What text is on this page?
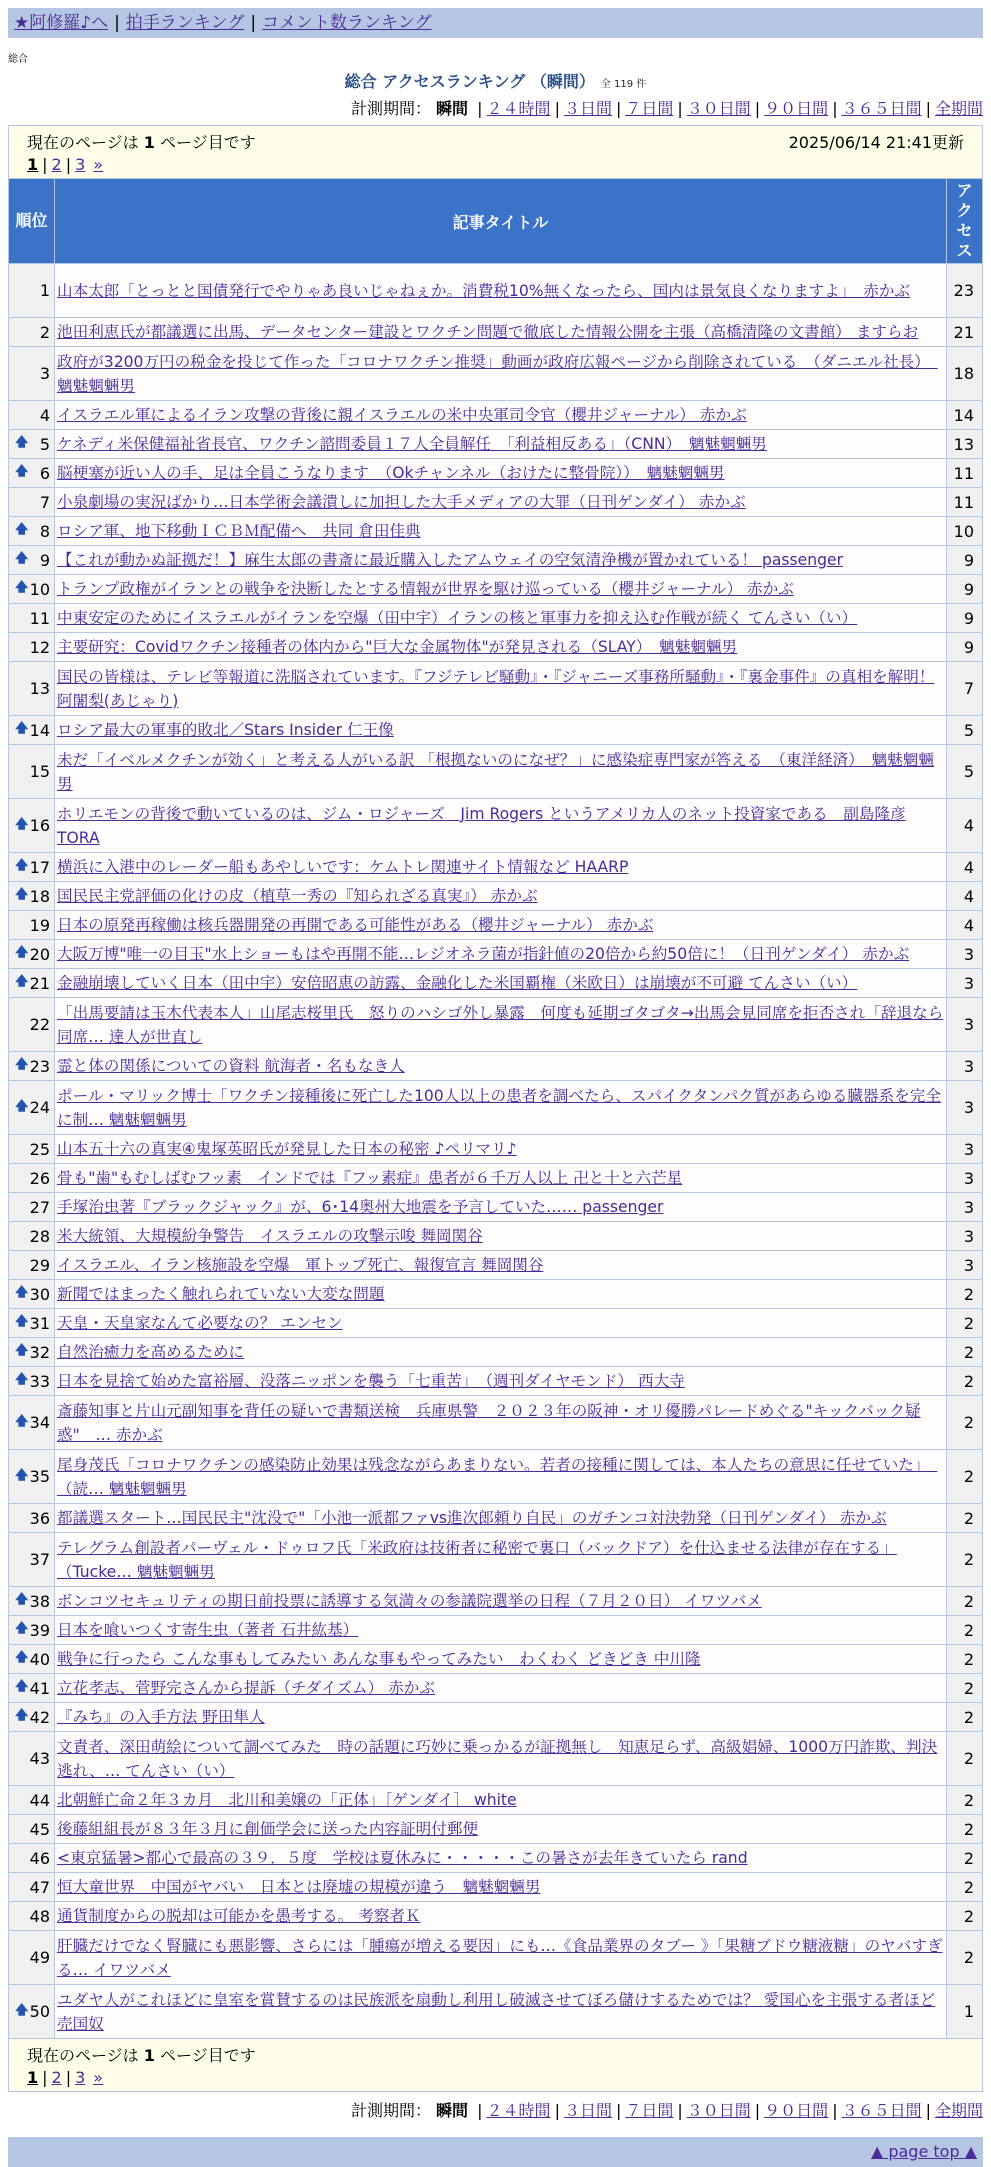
★阿修羅♪へ | 拍手ランキング | コメント数ランキング
総合
総合 アクセスランキング （瞬間） 全 119 件
計測期間： 瞬間 | ２４時間 | ３日間 | ７日間 | ３０日間 | ９０日間 | ３６５日間 | 全期間
現在のページは 1 ページ目です 2025/06/14 21:41更新
1 | 2 | 3 »		

順位	記事タイトル	アクセス
1	山本太郎「とっとと国債発行でやりゃあ良いじゃねぇか。消費税10%無くなったら、国内は景気良くなりますよ」　赤かぶ	23
2	池田利恵氏が都議選に出馬、データセンター建設とワクチン問題で徹底した情報公開を主張（高橋清隆の文書館） ますらお	21
3	政府が3200万円の税金を投じて作った「コロナワクチン推奨」動画が政府広報ページから削除されている　（ダニエル社長）　魑魅魍魎男	18
4	イスラエル軍によるイラン攻撃の背後に親イスラエルの米中央軍司令官（櫻井ジャーナル） 赤かぶ	14

🡅 5	ケネディ米保健福祉省長官、ワクチン諮問委員１７人全員解任　「利益相反ある」（CNN）　魑魅魍魎男	13

🡅 6	脳梗塞が近い人の手、足は全員こうなります　（Okチャンネル（おけたに整骨院））　魑魅魍魎男	11
7	小泉劇場の実況ばかり…日本学術会議潰しに加担した大手メディアの大罪（日刊ゲンダイ） 赤かぶ	11

🡅 8	ロシア軍、地下移動ＩＣＢＭ配備へ　共同 倉田佳典	10

🡅 9	【これが動かぬ証拠だ！】麻生太郎の書斎に最近購入したアムウェイの空気清浄機が置かれている！ passenger	9

🡅 10	トランプ政権がイランとの戦争を決断したとする情報が世界を駆け巡っている（櫻井ジャーナル） 赤かぶ	9
11	中東安定のためにイスラエルがイランを空爆（田中宇）イランの核と軍事力を抑え込む作戦が続く てんさい（い）	9
12	主要研究：Covidワクチン接種者の体内から"巨大な金属物体"が発見される（SLAY）　魑魅魍魎男	9
13	国民の皆様は、テレビ等報道に洗脳されています。『フジテレビ騒動』・『ジャニーズ事務所騒動』・『裏金事件』の真相を解明！ 阿闍梨(あじゃり)	7

🡅 14	ロシア最大の軍事的敗北／Stars Insider 仁王像	5
15	未だ「イベルメクチンが効く」と考える人がいる訳 「根拠ないのになぜ？」に感染症専門家が答える　（東洋経済）　魑魅魍魎男	5

🡅 16	ホリエモンの背後で動いているのは、ジム・ロジャーズ　Jim Rogers というアメリカ人のネット投資家である　副島隆彦 TORA	4

🡅 17	横浜に入港中のレーダー船もあやしいです：ケムトレ関連サイト情報など HAARP	4

🡅 18	国民民主党評価の化けの皮（植草一秀の『知られざる真実』） 赤かぶ	4
19	日本の原発再稼働は核兵器開発の再開である可能性がある（櫻井ジャーナル） 赤かぶ	4

🡅 20	大阪万博"唯一の目玉"水上ショーもはや再開不能…レジオネラ菌が指針値の20倍から約50倍に！（日刊ゲンダイ） 赤かぶ	3

🡅 21	金融崩壊していく日本（田中宇）安倍昭恵の訪露、金融化した米国覇権（米欧日）は崩壊が不可避 てんさい（い）	3
22	「出馬要請は玉木代表本人」山尾志桜里氏　怒りのハシゴ外し暴露　何度も延期ゴタゴタ→出馬会見同席を拒否され「辞退なら同席… 達人が世直し	3

🡅 23	霊と体の関係についての資料 航海者・名もなき人	3

🡅 24	ポール・マリック博士「ワクチン接種後に死亡した100人以上の患者を調べたら、スパイクタンパク質があらゆる臓器系を完全に制… 魑魅魍魎男	3
25	山本五十六の真実④鬼塚英昭氏が発見した日本の秘密 ♪ペリマリ♪	3
26	骨も"歯"もむしばむフッ素　インドでは『フッ素症』患者が６千万人以上 卍と十と六芒星	3
27	手塚治虫著『ブラックジャック』が、6･14奥州大地震を予言していた…… passenger	3
28	米大統領、大規模紛争警告　イスラエルの攻撃示唆 舞岡関谷	3
29	イスラエル、イラン核施設を空爆　軍トップ死亡、報復宣言 舞岡関谷	3

🡅 30	新聞ではまったく触れられていない大変な問題	2

🡅 31	天皇・天皇家なんて必要なの？ エンセン	2

🡅 32	自然治癒力を高めるために	2

🡅 33	日本を見捨て始めた富裕層、没落ニッポンを襲う「七重苦」　（週刊ダイヤモンド） 西大寺	2

🡅 34	斎藤知事と片山元副知事を背任の疑いで書類送検　兵庫県警　２０２３年の阪神・オリ優勝パレードめぐる"キックバック疑惑"　… 赤かぶ	2

🡅 35	尾身茂氏「コロナワクチンの感染防止効果は残念ながらあまりない。若者の接種に関しては、本人たちの意思に任せていた」　（読… 魑魅魍魎男	2
36	都議選スタート…国民民主"沈没で"「小池一派都ファvs進次郎頼り自民」のガチンコ対決勃発（日刊ゲンダイ） 赤かぶ	2
37	テレグラム創設者パーヴェル・ドゥロフ氏「米政府は技術者に秘密で裏口（バックドア）を仕込ませる法律が存在する」（Tucke… 魑魅魍魎男	2

🡅 38	ボンコツセキュリティの期日前投票に誘導する気満々の参議院選挙の日程（７月２０日） イワツバメ	2

🡅 39	日本を喰いつくす寄生虫（著者 石井紘基）	2

🡅 40	戦争に行ったら こんな事もしてみたい あんな事もやってみたい　わくわく どきどき 中川隆	2

🡅 41	立花孝志、菅野完さんから提訴（チダイズム） 赤かぶ	2

🡅 42	『みち』の入手方法 野田隼人	2
43	文責者、深田萌絵について調べてみた　時の話題に巧妙に乗っかるが証拠無し　知恵足らず、高級娼婦、1000万円詐欺、判決逃れ、… てんさい（い）	2
44	北朝鮮亡命２年３カ月　北川和美嬢の「正体」［ゲンダイ］ white	2
45	後藤組組長が８３年３月に創価学会に送った内容証明付郵便	2
46	<東京猛暑>都心で最高の３９．５度　学校は夏休みに・・・・・この暑さが去年きていたら rand	2
47	恒大童世界　中国がヤバい　日本とは廃墟の規模が違う　魑魅魍魎男	2
48	通貨制度からの脱却は可能かを愚考する。 考察者Ｋ	2
49	肝臓だけでなく腎臓にも悪影響、さらには「腫瘍が増える要因」にも…《食品業界のタブー 》「果糖ブドウ糖液糖」のヤバすぎる… イワツバメ	2

🡅 50	ユダヤ人がこれほどに皇室を賞賛するのは民族派を扇動し利用し破滅させてぼろ儲けするためでは？ 愛国心を主張する者ほど売国奴	1

現在のページは 1 ページ目です
1 | 2 | 3 »		
計測期間： 瞬間 | ２４時間 | ３日間 | ７日間 | ３０日間 | ９０日間 | ３６５日間 | 全期間
▲ page top ▲
